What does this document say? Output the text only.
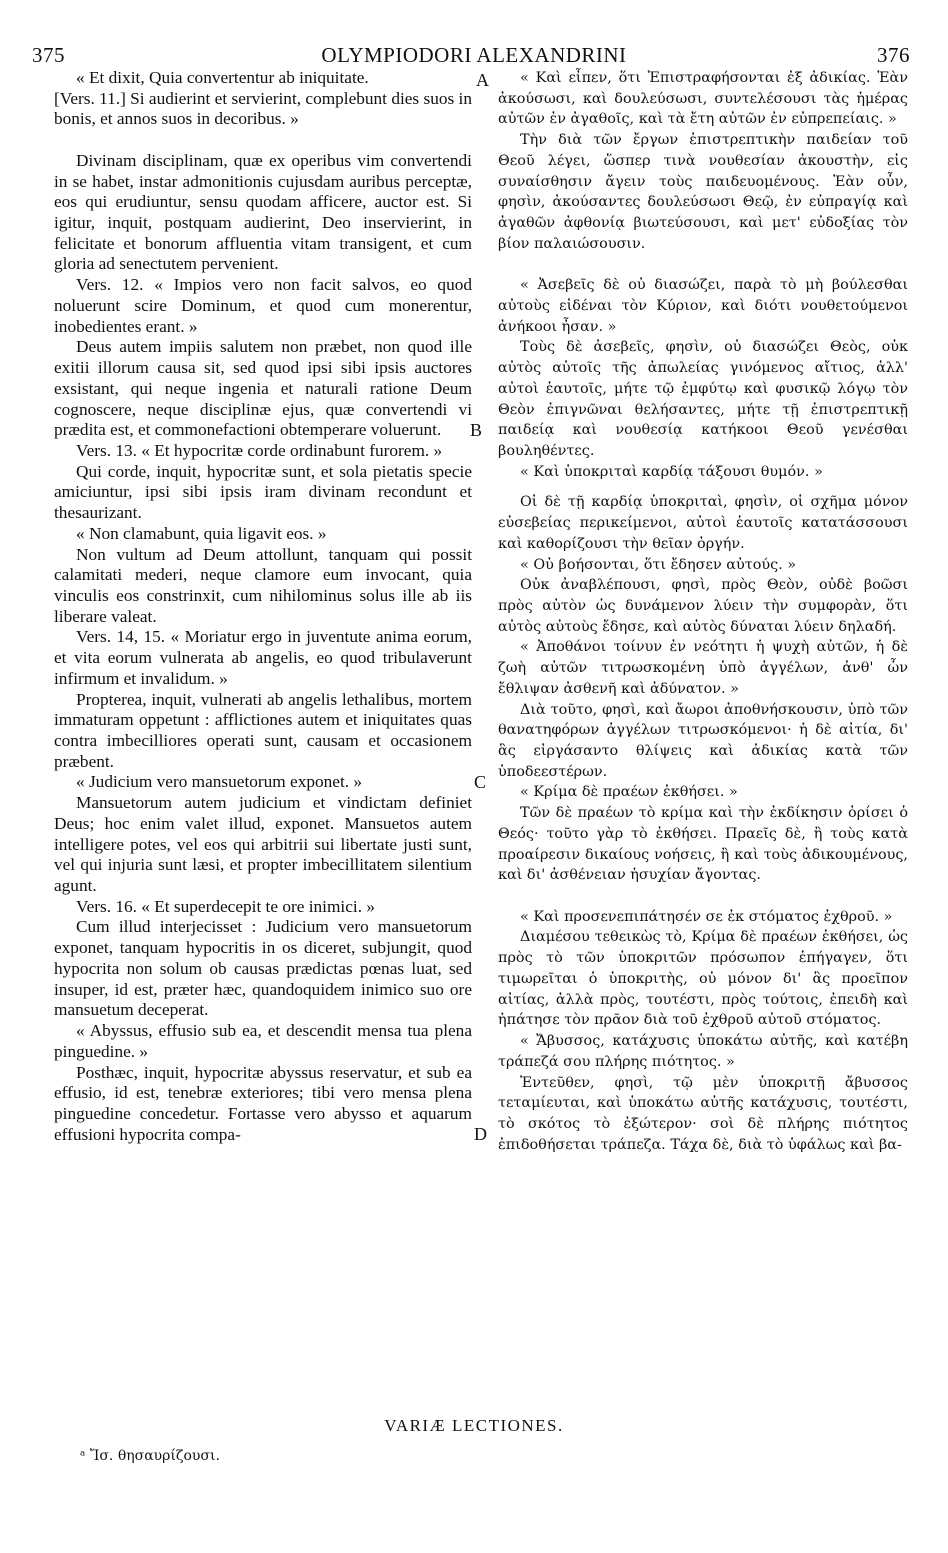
375	OLYMPIODORI ALEXANDRINI	376

« Et dixit, Quia convertentur ab iniquitate.

[Vers. 11.] Si audierint et servierint, complebunt dies suos in bonis, et annos suos in decoribus. »

Divinam disciplinam, quæ ex operibus vim convertendi in se habet, instar admonitionis cujusdam auribus perceptæ, eos qui erudiuntur, sensu quodam afficere, auctor est. Si igitur, inquit, postquam audierint, Deo inservierint, in felicitate et bonorum affluentia vitam transigent, et cum gloria ad senectutem pervenient.

Vers. 12. « Impios vero non facit salvos, eo quod noluerunt scire Dominum, et quod cum monerentur, inobedientes erant. »

Deus autem impiis salutem non præbet, non quod ille exitii illorum causa sit, sed quod ipsi sibi ipsis auctores exsistant, qui neque ingenia et naturali ratione Deum cognoscere, neque disciplinæ ejus, quæ convertendi vi prædita est, et commonefactioni obtemperare voluerunt.

Vers. 13. « Et hypocritæ corde ordinabunt furorem. »

Qui corde, inquit, hypocritæ sunt, et sola pietatis specie amiciuntur, ipsi sibi ipsis iram divinam recondunt et thesaurizant.

« Non clamabunt, quia ligavit eos. »

Non vultum ad Deum attollunt, tanquam qui possit calamitati mederi, neque clamore eum invocant, quia vinculis eos constrinxit, cum nihilominus solus ille ab iis liberare valeat.

Vers. 14, 15. « Moriatur ergo in juventute anima eorum, et vita eorum vulnerata ab angelis, eo quod tribulaverunt infirmum et invalidum. »

Propterea, inquit, vulnerati ab angelis lethalibus, mortem immaturam oppetunt : afflictiones autem et iniquitates quas contra imbecilliores operati sunt, causam et occasionem præbent.

« Judicium vero mansuetorum exponet. »

Mansuetorum autem judicium et vindictam definiet Deus; hoc enim valet illud, exponet. Mansuetos autem intelligere potes, vel eos qui arbitrii sui libertate justi sunt, vel qui injuria sunt læsi, et propter imbecillitatem silentium agunt.

Vers. 16. « Et superdecepit te ore inimici. »

Cum illud interjecisset : Judicium vero mansuetorum exponet, tanquam hypocritis in os diceret, subjungit, quod hypocrita non solum ob causas prædictas pœnas luat, sed insuper, id est, præter hæc, quandoquidem inimico suo ore mansuetum deceperat.

« Abyssus, effusio sub ea, et descendit mensa tua plena pinguedine. »

Posthæc, inquit, hypocritæ abyssus reservatur, et sub ea effusio, id est, tenebræ exteriores; tibi vero mensa plena pinguedine concedetur. Fortasse vero abysso et aquarum effusioni hypocrita compa-

« Καὶ εἶπεν, ὅτι Ἐπιστραφήσονται ἐξ ἀδικίας. Ἐὰν ἀκούσωσι, καὶ δουλεύσωσι, συντελέσουσι τὰς ἡμέρας αὐτῶν ἐν ἀγαθοῖς, καὶ τὰ ἔτη αὐτῶν ἐν εὐπρεπείαις. »

Τὴν διὰ τῶν ἔργων ἐπιστρεπτικὴν παιδείαν τοῦ Θεοῦ λέγει, ὥσπερ τινὰ νουθεσίαν ἀκουστὴν, εἰς συναίσθησιν ἄγειν τοὺς παιδευομένους. Ἐὰν οὖν, φησὶν, ἀκούσαντες δουλεύσωσι Θεῷ, ἐν εὐπραγίᾳ καὶ ἀγαθῶν ἀφθονίᾳ βιωτεύσουσι, καὶ μετ' εὐδοξίας τὸν βίον παλαιώσουσιν.

« Ἀσεβεῖς δὲ οὐ διασώζει, παρὰ τὸ μὴ βούλεσθαι αὐτοὺς εἰδέναι τὸν Κύριον, καὶ διότι νουθετούμενοι ἀνήκοοι ἦσαν. »

Τοὺς δὲ ἀσεβεῖς, φησὶν, οὐ διασώζει Θεὸς, οὐκ αὐτὸς αὐτοῖς τῆς ἀπωλείας γινόμενος αἴτιος, ἀλλ' αὐτοὶ ἑαυτοῖς, μήτε τῷ ἐμφύτῳ καὶ φυσικῷ λόγῳ τὸν Θεὸν ἐπιγνῶναι θελήσαντες, μήτε τῇ ἐπιστρεπτικῇ παιδείᾳ καὶ νουθεσίᾳ κατήκοοι Θεοῦ γενέσθαι βουληθέντες.

« Καὶ ὑποκριταὶ καρδίᾳ τάξουσι θυμόν. »

Οἱ δὲ τῇ καρδίᾳ ὑποκριταὶ, φησὶν, οἱ σχῆμα μόνον εὐσεβείας περικείμενοι, αὐτοὶ ἑαυτοῖς κατατάσσουσι καὶ καθορίζουσι τὴν θεῖαν ὀργήν.

« Οὐ βοήσονται, ὅτι ἔδησεν αὐτούς. »

Οὐκ ἀναβλέπουσι, φησὶ, πρὸς Θεὸν, οὐδὲ βοῶσι πρὸς αὐτὸν ὡς δυνάμενον λύειν τὴν συμφορὰν, ὅτι αὐτὸς αὐτοὺς ἔδησε, καὶ αὐτὸς δύναται λύειν δηλαδή.

« Ἀποθάνοι τοίνυν ἐν νεότητι ἡ ψυχὴ αὐτῶν, ἡ δὲ ζωὴ αὐτῶν τιτρωσκομένη ὑπὸ ἀγγέλων, ἀνθ' ὧν ἔθλιψαν ἀσθενῆ καὶ ἀδύνατον. »

Διὰ τοῦτο, φησὶ, καὶ ἄωροι ἀποθνήσκουσιν, ὑπὸ τῶν θανατηφόρων ἀγγέλων τιτρωσκόμενοι· ἡ δὲ αἰτία, δι' ἃς εἰργάσαντο θλίψεις καὶ ἀδικίας κατὰ τῶν ὑποδεεστέρων.

« Κρίμα δὲ πραέων ἐκθήσει. »

Τῶν δὲ πραέων τὸ κρίμα καὶ τὴν ἐκδίκησιν ὁρίσει ὁ Θεός· τοῦτο γὰρ τὸ ἐκθήσει. Πραεῖς δὲ, ἢ τοὺς κατὰ προαίρεσιν δικαίους νοήσεις, ἢ καὶ τοὺς ἀδικουμένους, καὶ δι' ἀσθένειαν ἡσυχίαν ἄγοντας.

« Καὶ προσενεπιπάτησέν σε ἐκ στόματος ἐχθροῦ. »

Διαμέσου τεθεικὼς τὸ, Κρίμα δὲ πραέων ἐκθήσει, ὡς πρὸς τὸ τῶν ὑποκριτῶν πρόσωπον ἐπήγαγεν, ὅτι τιμωρεῖται ὁ ὑποκριτὴς, οὐ μόνον δι' ἃς προεῖπον αἰτίας, ἀλλὰ πρὸς, τουτέστι, πρὸς τούτοις, ἐπειδὴ καὶ ἠπάτησε τὸν πρᾶον διὰ τοῦ ἐχθροῦ αὐτοῦ στόματος.

« Ἄβυσσος, κατάχυσις ὑποκάτω αὐτῆς, καὶ κατέβη τράπεζά σου πλήρης πιότητος. »

Ἐντεῦθεν, φησὶ, τῷ μὲν ὑποκριτῇ ἄβυσσος τεταμίευται, καὶ ὑποκάτω αὐτῆς κατάχυσις, τουτέστι, τὸ σκότος τὸ ἐξώτερον· σοὶ δὲ πλήρης πιότητος ἐπιδοθήσεται τράπεζα. Τάχα δὲ, διὰ τὸ ὑφάλως καὶ βα-

A
B
C
D
VARIÆ LECTIONES.
ᵃ Ἴσ. θησαυρίζουσι.
